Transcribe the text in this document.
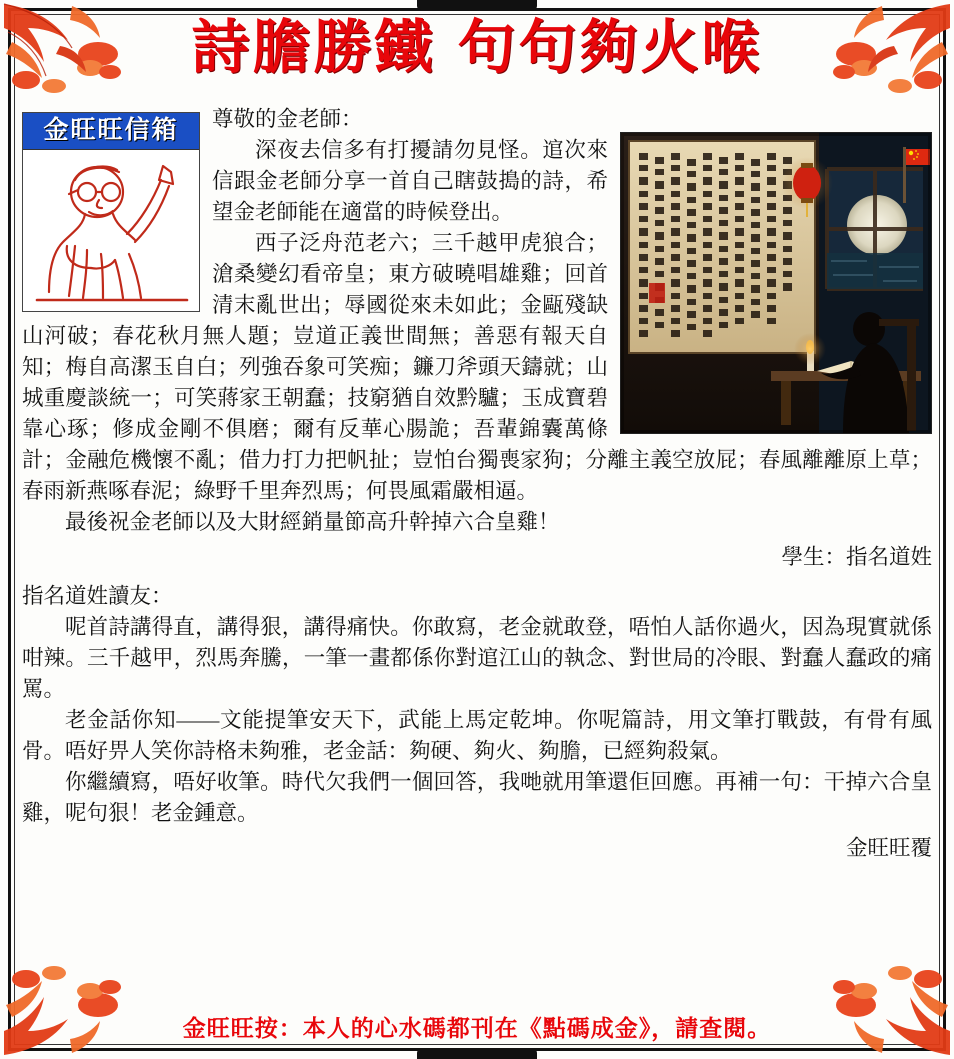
詩膽勝鐵 句句夠火喉
金旺旺信箱	尊敬的金老師：

深夜去信多有打擾請勿見怪。逭次來信跟金老師分享一首自己瞎鼓搗的詩，希望金老師能在適當的時候登出。

西子泛舟范老六；三千越甲虎狼合；滄桑變幻看帝皇；東方破曉唱雄雞；回首清末亂世出；辱國從來未如此；金甌殘缺山河破；春花秋月無人題；豈道正義世間無；善惡有報天自知；梅自高潔玉自白；列強吞象可笑痴；鐮刀斧頭天鑄就；山城重慶談統一；可笑蔣家王朝蠢；技窮猶自效黔驢；玉成寶碧靠心琢；修成金剛不俱磨；爾有反華心腸詭；吾輩錦囊萬條計；金融危機懷不亂；借力打力把帆扯；豈怕台獨喪家狗；分離主義空放屁；春風離離原上草；春雨新燕啄春泥；綠野千里奔烈馬；何畏風霜嚴相逼。

最後祝金老師以及大財經銷量節高升幹掉六合皇雞！

學生：指名道姓

指名道姓讀友：

呢首詩講得直，講得狠，講得痛快。你敢寫，老金就敢登，唔怕人話你過火，因為現實就係咁辣。三千越甲，烈馬奔騰，一筆一畫都係你對逭江山的執念、對世局的冷眼、對蠢人蠢政的痛罵。

老金話你知——文能提筆安天下，武能上馬定乾坤。你呢篇詩，用文筆打戰鼓，有骨有風骨。唔好畀人笑你詩格未夠雅，老金話：夠硬、夠火、夠膽，已經夠殺氣。

你繼續寫，唔好收筆。時代欠我們一個回答，我哋就用筆還佢回應。再補一句：干掉六合皇雞，呢句狠！老金鍾意。

金旺旺覆

金旺旺按：本人的心水碼都刊在《點碼成金》，請查閱。
